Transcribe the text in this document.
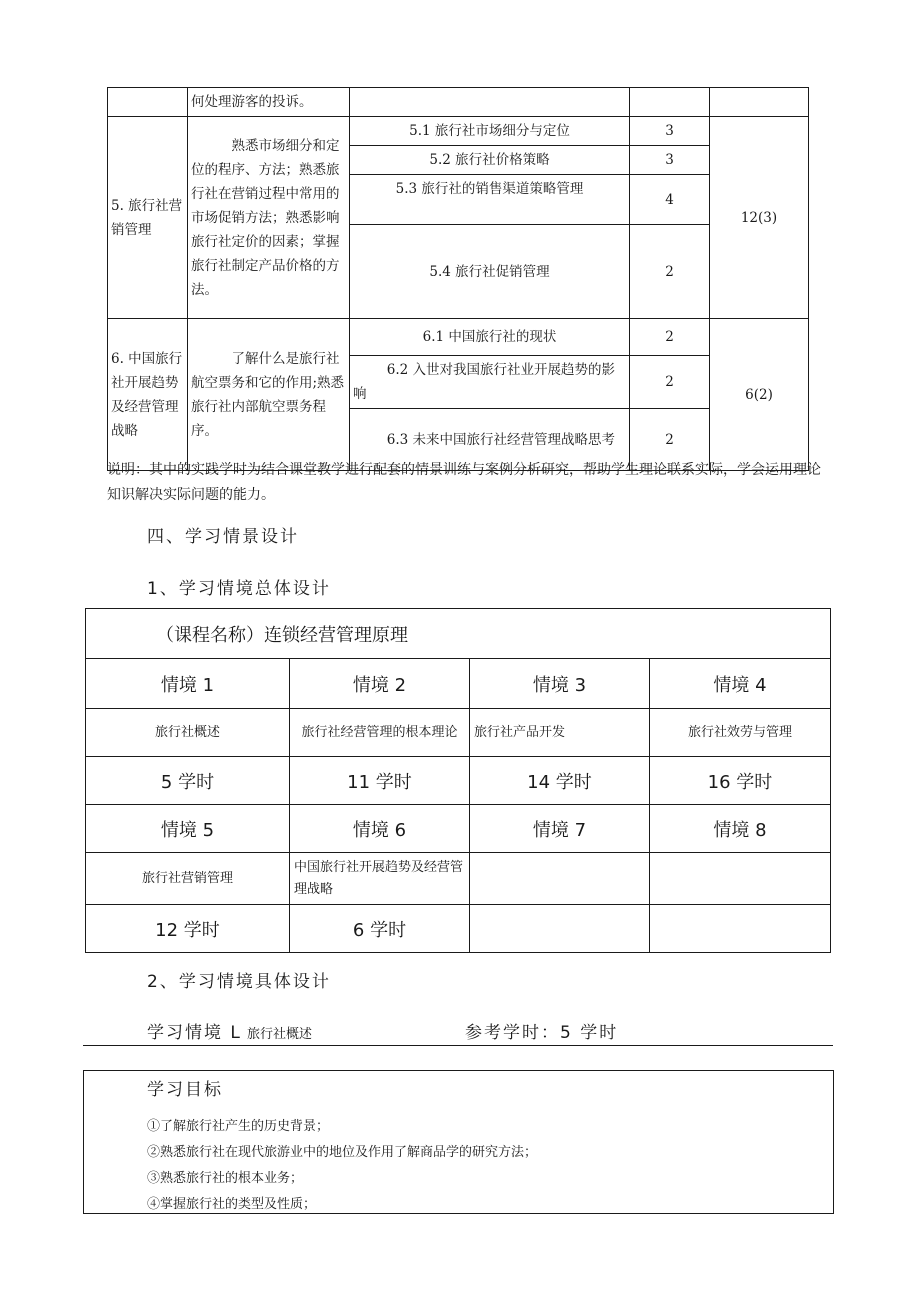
	何处理游客的投诉。			
5. 旅行社营销管理	熟悉市场细分和定位的程序、方法；熟悉旅行社在营销过程中常用的市场促销方法；熟悉影响旅行社定价的因素；掌握旅行社制定产品价格的方法。	5.1 旅行社市场细分与定位	3	12(3)
		5.2 旅行社价格策略	3	
		5.3 旅行社的销售渠道策略管理	4	
		5.4 旅行社促销管理	2	
6. 中国旅行社开展趋势及经营管理战略	了解什么是旅行社航空票务和它的作用;熟悉旅行社内部航空票务程序。	6.1 中国旅行社的现状	2	6(2)
		6.2 入世对我国旅行社业开展趋势的影响	2	
		6.3 未来中国旅行社经营管理战略思考	2	
说明：其中的实践学时为结合课堂教学进行配套的情景训练与案例分析研究，帮助学生理论联系实际，学会运用理论知识解决实际问题的能力。
四、学习情景设计
1、学习情境总体设计
（课程名称）连锁经营管理原理			
情境 1	情境 2	情境 3	情境 4
旅行社概述	旅行社经营管理的根本理论	旅行社产品开发	旅行社效劳与管理
5 学时	11 学时	14 学时	16 学时
情境 5	情境 6	情境 7	情境 8
旅行社营销管理	中国旅行社开展趋势及经营管理战略		
12 学时	6 学时		
2、学习情境具体设计
学习情境 L 旅行社概述	参考学时：5 学时
学习目标
①了解旅行社产生的历史背景；
②熟悉旅行社在现代旅游业中的地位及作用了解商品学的研究方法；
③熟悉旅行社的根本业务；
④掌握旅行社的类型及性质；
